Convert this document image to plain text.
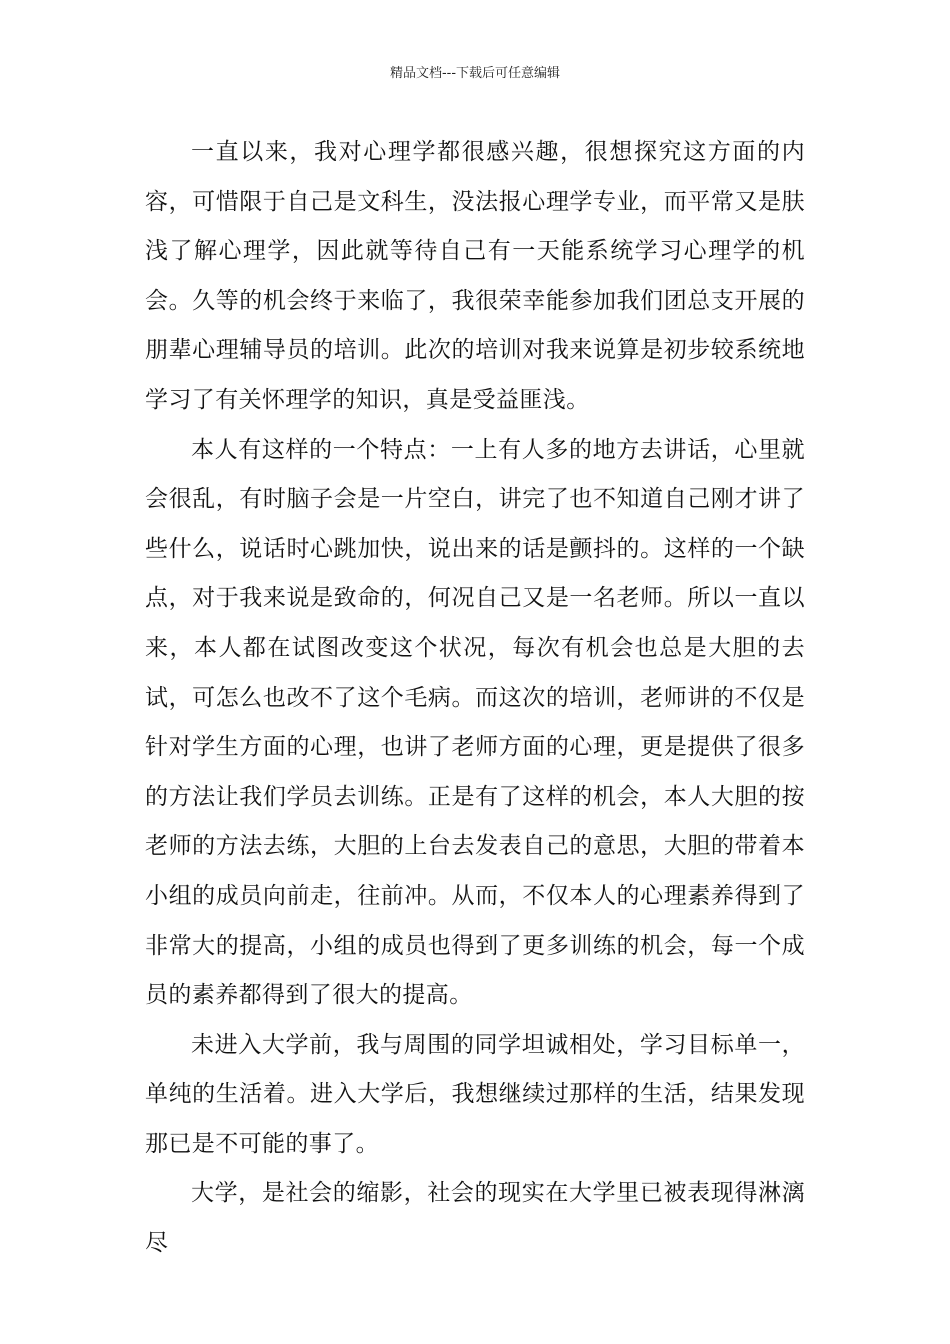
精品文档---下载后可任意编辑

一直以来，我对心理学都很感兴趣，很想探究这方面的内容，可惜限于自己是文科生，没法报心理学专业，而平常又是肤浅了解心理学，因此就等待自己有一天能系统学习心理学的机会。久等的机会终于来临了，我很荣幸能参加我们团总支开展的朋辈心理辅导员的培训。此次的培训对我来说算是初步较系统地学习了有关怀理学的知识，真是受益匪浅。

本人有这样的一个特点：一上有人多的地方去讲话，心里就会很乱，有时脑子会是一片空白，讲完了也不知道自己刚才讲了些什么，说话时心跳加快，说出来的话是颤抖的。这样的一个缺点，对于我来说是致命的，何况自己又是一名老师。所以一直以来，本人都在试图改变这个状况，每次有机会也总是大胆的去试，可怎么也改不了这个毛病。而这次的培训，老师讲的不仅是针对学生方面的心理，也讲了老师方面的心理，更是提供了很多的方法让我们学员去训练。正是有了这样的机会，本人大胆的按老师的方法去练，大胆的上台去发表自己的意思，大胆的带着本小组的成员向前走，往前冲。从而，不仅本人的心理素养得到了非常大的提高，小组的成员也得到了更多训练的机会，每一个成员的素养都得到了很大的提高。

未进入大学前，我与周围的同学坦诚相处，学习目标单一，单纯的生活着。进入大学后，我想继续过那样的生活，结果发现那已是不可能的事了。

大学，是社会的缩影，社会的现实在大学里已被表现得淋漓尽
